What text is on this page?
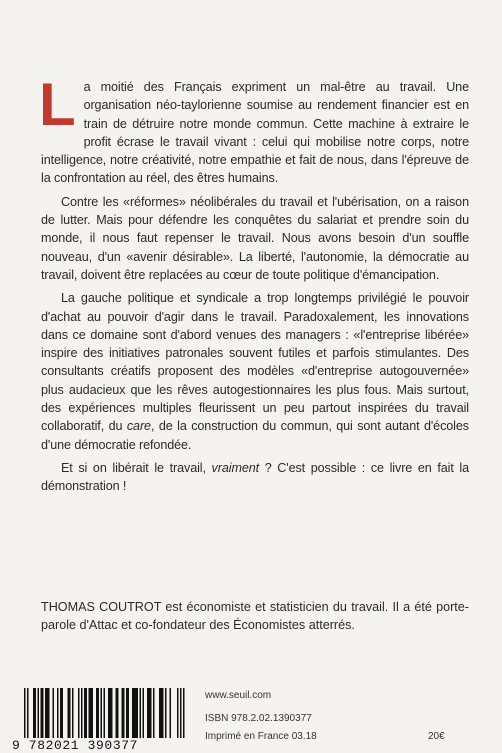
La moitié des Français expriment un mal-être au travail. Une organisation néo-taylorienne soumise au rendement financier est en train de détruire notre monde commun. Cette machine à extraire le profit écrase le travail vivant : celui qui mobilise notre corps, notre intelligence, notre créativité, notre empathie et fait de nous, dans l'épreuve de la confrontation au réel, des êtres humains.

Contre les «réformes» néolibérales du travail et l'ubérisation, on a raison de lutter. Mais pour défendre les conquêtes du salariat et prendre soin du monde, il nous faut repenser le travail. Nous avons besoin d'un souffle nouveau, d'un «avenir désirable». La liberté, l'autonomie, la démocratie au travail, doivent être replacées au cœur de toute politique d'émancipation.

La gauche politique et syndicale a trop longtemps privilégié le pouvoir d'achat au pouvoir d'agir dans le travail. Paradoxalement, les innovations dans ce domaine sont d'abord venues des managers : «l'entreprise libérée» inspire des initiatives patronales souvent futiles et parfois stimulantes. Des consultants créatifs proposent des modèles «d'entreprise autogouvernée» plus audacieux que les rêves autogestionnaires les plus fous. Mais surtout, des expériences multiples fleurissent un peu partout inspirées du travail collaboratif, du care, de la construction du commun, qui sont autant d'écoles d'une démocratie refondée.

Et si on libérait le travail, vraiment ? C'est possible : ce livre en fait la démonstration !

THOMAS COUTROT est économiste et statisticien du travail. Il a été porte-parole d'Attac et co-fondateur des Économistes atterrés.

9 782021 390377
www.seuil.com
ISBN 978.2.02.1390377
Imprimé en France 03.18	20€
